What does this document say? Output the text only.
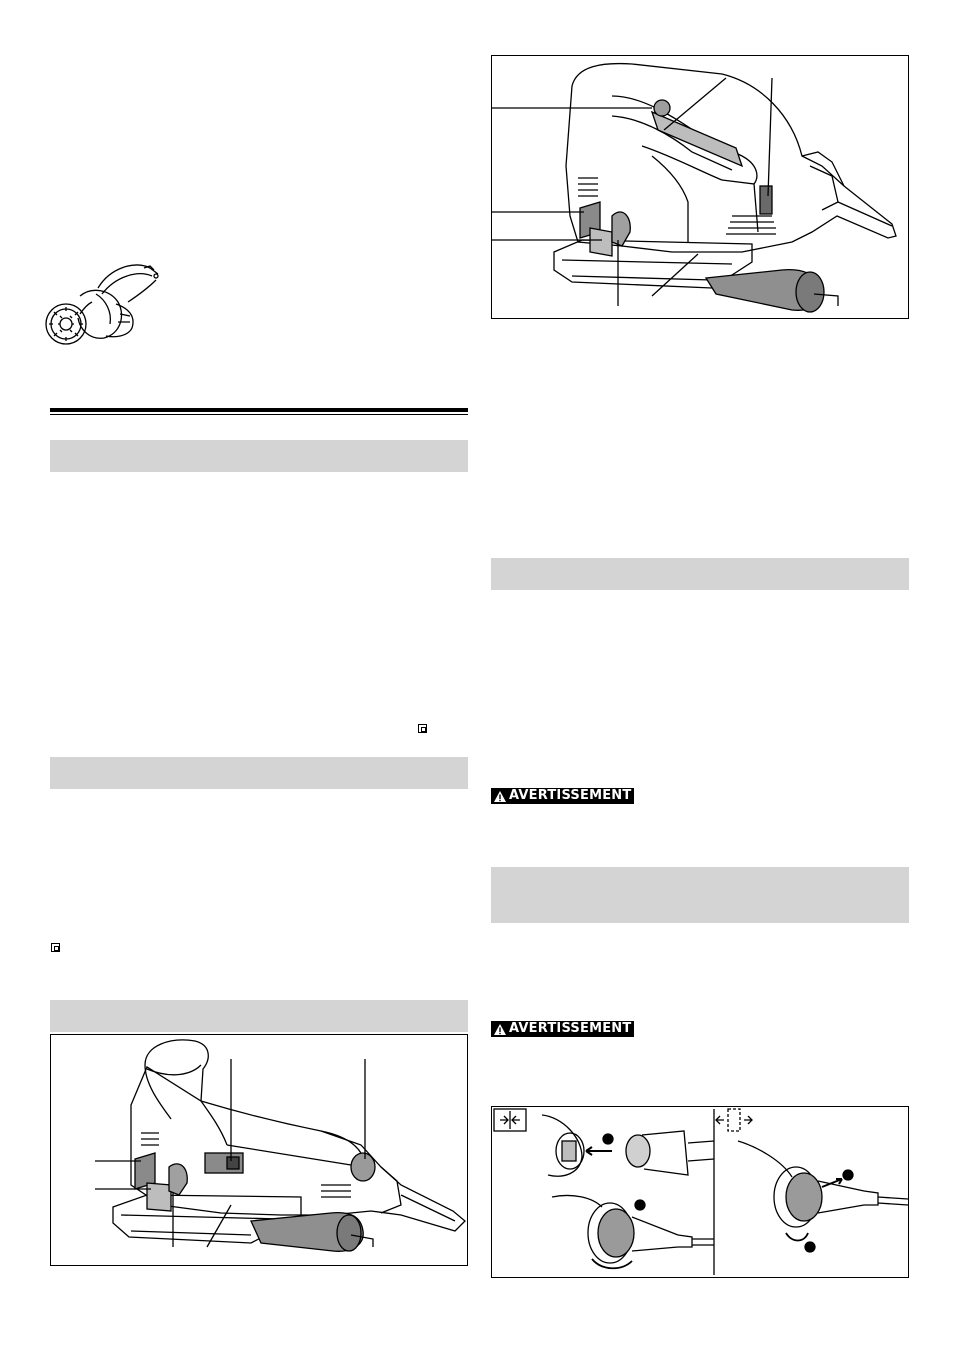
AVERTISSEMENT
AVERTISSEMENT
